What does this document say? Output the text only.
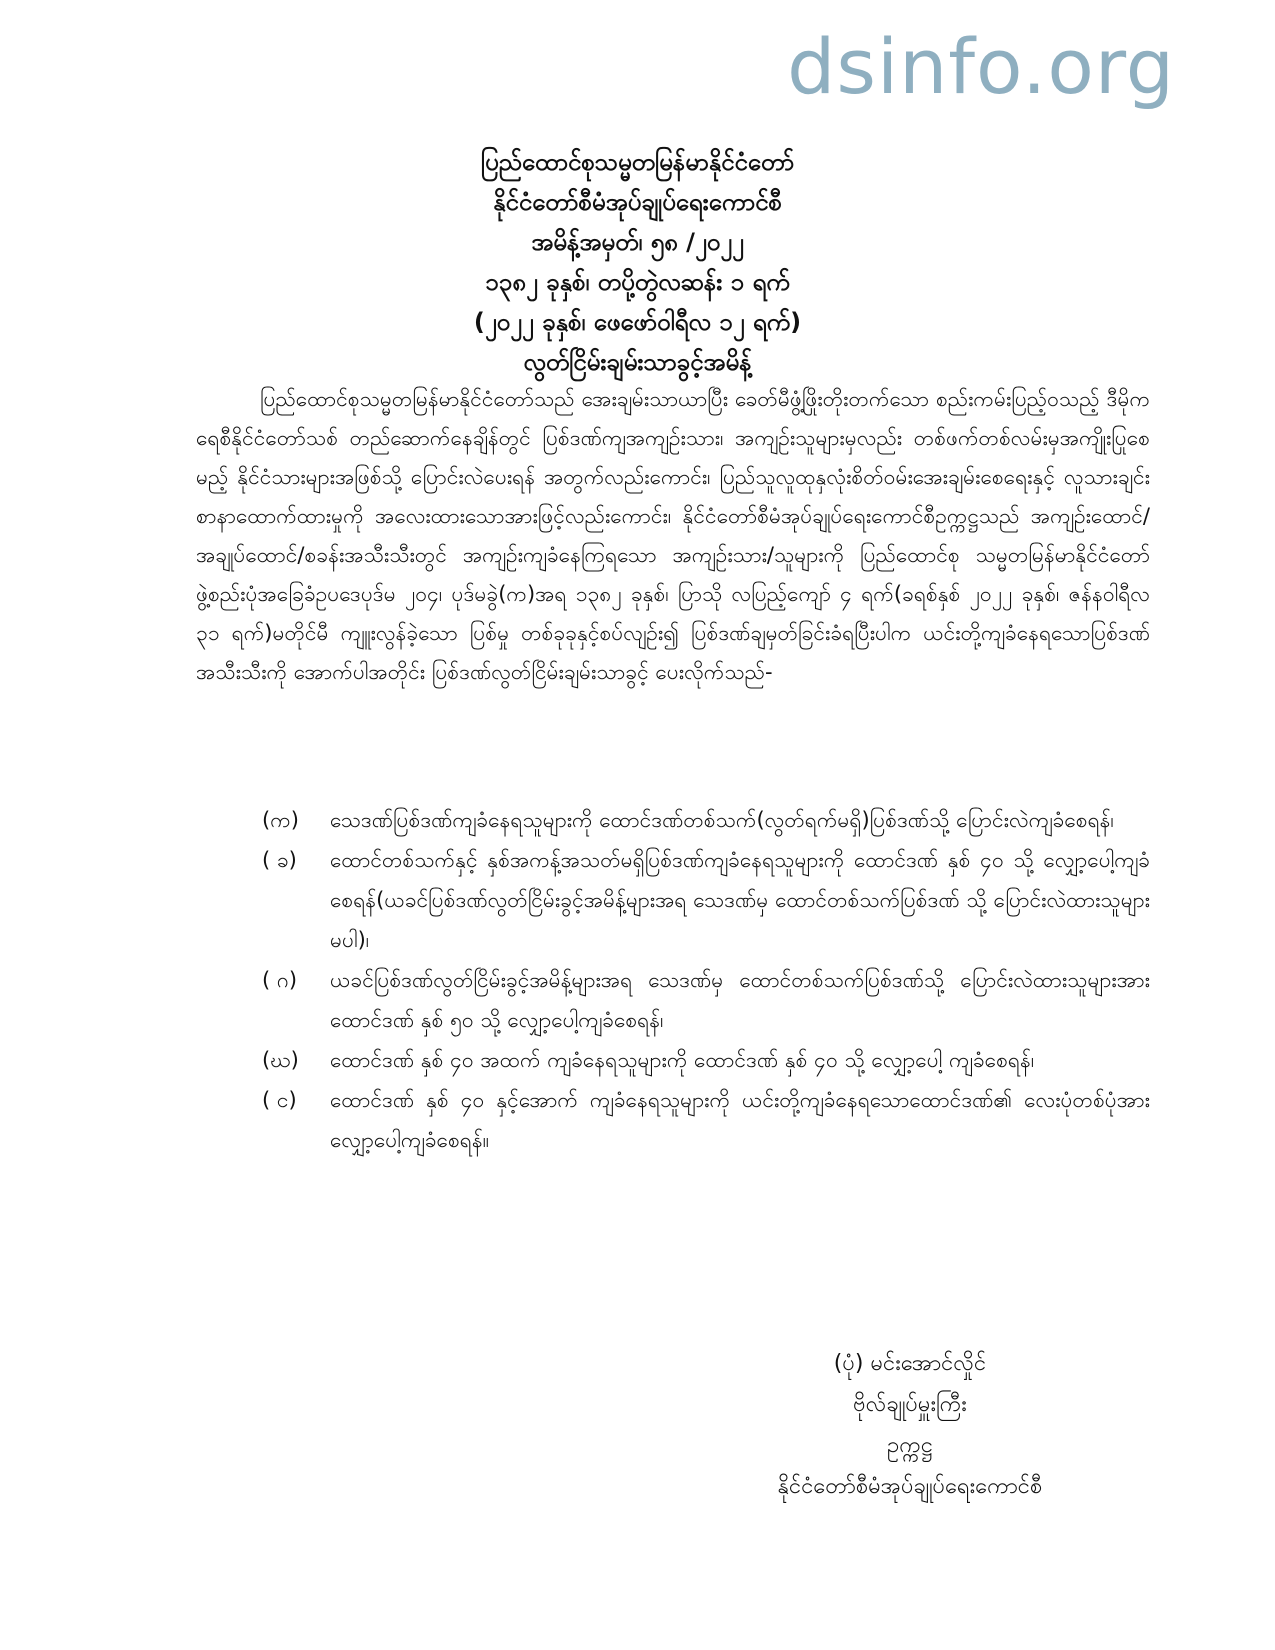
dsinfo.org
ပြည်ထောင်စုသမ္မတမြန်မာနိုင်ငံတော်
နိုင်ငံတော်စီမံအုပ်ချုပ်ရေးကောင်စီ
အမိန့်အမှတ်၊ ၅၈ /၂၀၂၂
၁၃၈၂ ခုနှစ်၊ တပို့တွဲလဆန်း ၁ ရက်
(၂၀၂၂ ခုနှစ်၊ ဖေဖော်ဝါရီလ ၁၂ ရက်)
လွတ်ငြိမ်းချမ်းသာခွင့်အမိန့်

ပြည်ထောင်စုသမ္မတမြန်မာနိုင်ငံတော်သည် အေးချမ်းသာယာပြီး ခေတ်မီဖွံ့ဖြိုးတိုးတက်သော စည်းကမ်းပြည့်ဝသည့် ဒီမိုကရေစီနိုင်ငံတော်သစ် တည်ဆောက်နေချိန်တွင် ပြစ်ဒဏ်ကျအကျဉ်းသား၊ အကျဉ်းသူများမှလည်း တစ်ဖက်တစ်လမ်းမှအကျိုးပြုစေမည့် နိုင်ငံသားများအဖြစ်သို့ ပြောင်းလဲပေးရန် အတွက်လည်းကောင်း၊ ပြည်သူလူထုနှလုံးစိတ်ဝမ်းအေးချမ်းစေရေးနှင့် လူသားချင်းစာနာထောက်ထားမှုကို အလေးထားသောအားဖြင့်လည်းကောင်း၊ နိုင်ငံတော်စီမံအုပ်ချုပ်ရေးကောင်စီဥက္ကဋ္ဌသည် အကျဉ်းထောင်/ အချုပ်ထောင်/စခန်းအသီးသီးတွင် အကျဉ်းကျခံနေကြရသော အကျဉ်းသား/သူများကို ပြည်ထောင်စု သမ္မတမြန်မာနိုင်ငံတော် ဖွဲ့စည်းပုံအခြေခံဥပဒေပုဒ်မ ၂၀၄၊ ပုဒ်မခွဲ(က)အရ ၁၃၈၂ ခုနှစ်၊ ပြာသို လပြည့်ကျော် ၄ ရက်(ခရစ်နှစ် ၂၀၂၂ ခုနှစ်၊ ဇန်နဝါရီလ ၃၁ ရက်)မတိုင်မီ ကျူးလွန်ခဲ့သော ပြစ်မှု တစ်ခုခုနှင့်စပ်လျဉ်း၍ ပြစ်ဒဏ်ချမှတ်ခြင်းခံရပြီးပါက ယင်းတို့ကျခံနေရသောပြစ်ဒဏ် အသီးသီးကို အောက်ပါအတိုင်း ပြစ်ဒဏ်လွတ်ငြိမ်းချမ်းသာခွင့် ပေးလိုက်သည်-

(က)	သေဒဏ်ပြစ်ဒဏ်ကျခံနေရသူများကို ထောင်ဒဏ်တစ်သက်(လွတ်ရက်မရှိ)ပြစ်ဒဏ်သို့ ပြောင်းလဲကျခံစေရန်၊
( ခ)	ထောင်တစ်သက်နှင့် နှစ်အကန့်အသတ်မရှိပြစ်ဒဏ်ကျခံနေရသူများကို ထောင်ဒဏ် နှစ် ၄၀ သို့ လျှော့ပေါ့ကျခံ စေရန်(ယခင်ပြစ်ဒဏ်လွတ်ငြိမ်းခွင့်အမိန့်များအရ သေဒဏ်မှ ထောင်တစ်သက်ပြစ်ဒဏ် သို့ ပြောင်းလဲထားသူများ မပါ)၊
( ဂ)	ယခင်ပြစ်ဒဏ်လွတ်ငြိမ်းခွင့်အမိန့်များအရ သေဒဏ်မှ ထောင်တစ်သက်ပြစ်ဒဏ်သို့ ပြောင်းလဲထားသူများအား ထောင်ဒဏ် နှစ် ၅၀ သို့ လျှော့ပေါ့ကျခံစေရန်၊
(ဃ)	ထောင်ဒဏ် နှစ် ၄၀ အထက် ကျခံနေရသူများကို ထောင်ဒဏ် နှစ် ၄၀ သို့ လျှော့ပေါ့ ကျခံစေရန်၊
( င)	ထောင်ဒဏ် နှစ် ၄၀ နှင့်အောက် ကျခံနေရသူများကို ယင်းတို့ကျခံနေရသောထောင်ဒဏ်၏ လေးပုံတစ်ပုံအား လျှော့ပေါ့ကျခံစေရန်။
(ပုံ) မင်းအောင်လှိုင်
ဗိုလ်ချုပ်မှူးကြီး
ဥက္ကဋ္ဌ
နိုင်ငံတော်စီမံအုပ်ချုပ်ရေးကောင်စီ
